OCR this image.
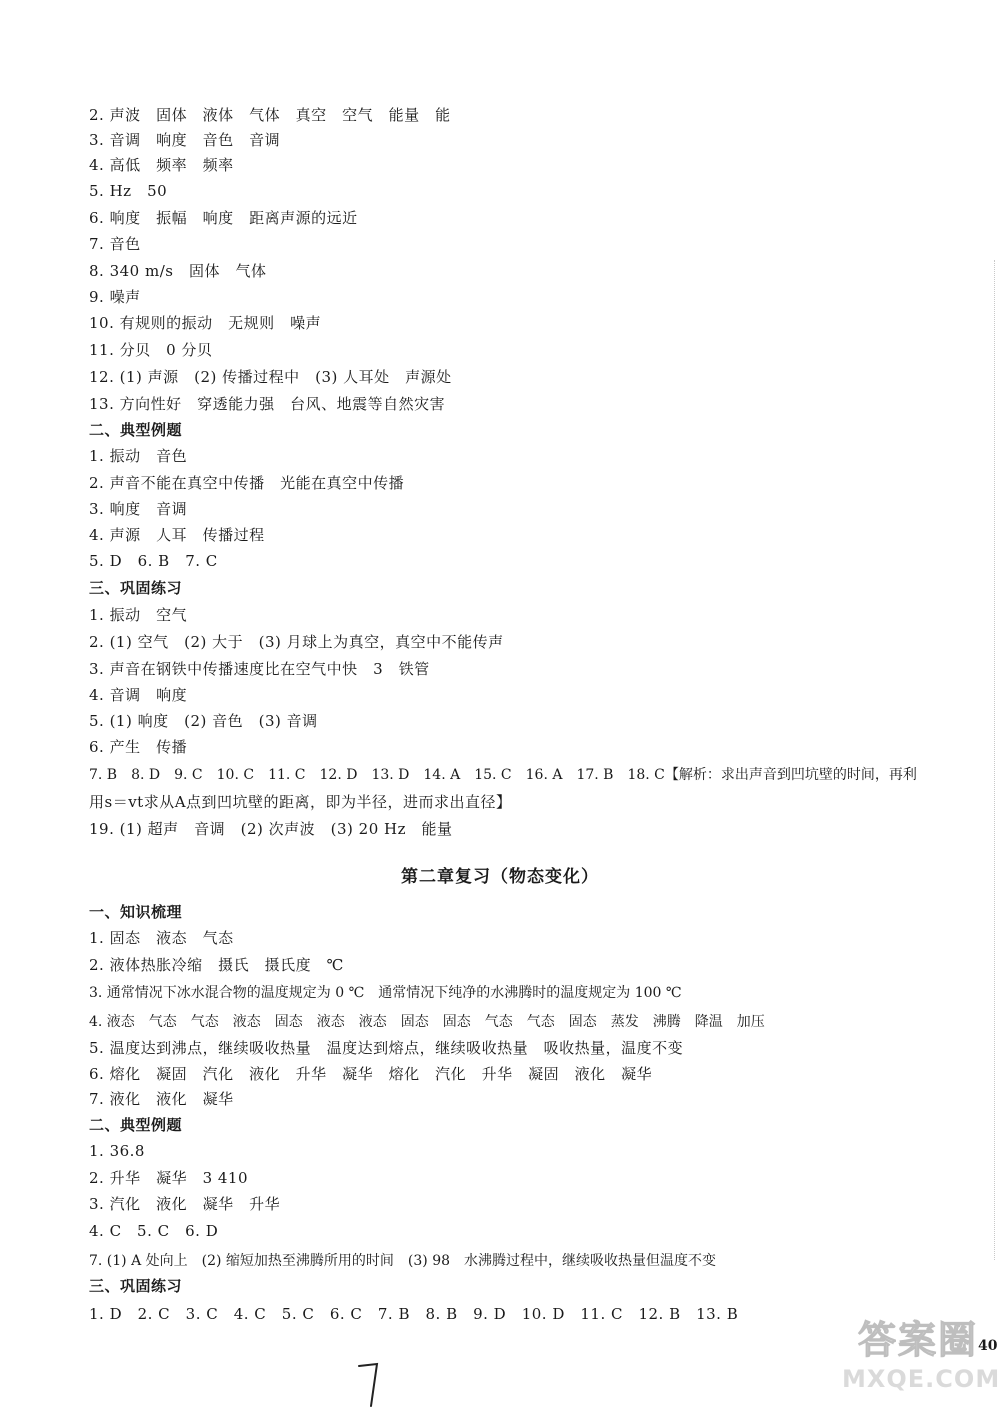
2. 声波　固体　液体　气体　真空　空气　能量　能
3. 音调　响度　音色　音调
4. 高低　频率　频率
5. Hz　50
6. 响度　振幅　响度　距离声源的远近
7. 音色
8. 340 m/s　固体　气体
9. 噪声
10. 有规则的振动　无规则　噪声
11. 分贝　0 分贝
12. (1) 声源　(2) 传播过程中　(3) 人耳处　声源处
13. 方向性好　穿透能力强　台风、地震等自然灾害
二、典型例题
1. 振动　音色
2. 声音不能在真空中传播　光能在真空中传播
3. 响度　音调
4. 声源　人耳　传播过程
5. D　6. B　7. C
三、巩固练习
1. 振动　空气
2. (1) 空气　(2) 大于　(3) 月球上为真空，真空中不能传声
3. 声音在钢铁中传播速度比在空气中快　3　铁管
4. 音调　响度
5. (1) 响度　(2) 音色　(3) 音调
6. 产生　传播
7. B　8. D　9. C　10. C　11. C　12. D　13. D　14. A　15. C　16. A　17. B　18. C【解析：求出声音到凹坑壁的时间，再利
用s＝vt求从A点到凹坑壁的距离，即为半径，进而求出直径】
19. (1) 超声　音调　(2) 次声波　(3) 20 Hz　能量
第二章复习（物态变化）
一、知识梳理
1. 固态　液态　气态
2. 液体热胀冷缩　摄氏　摄氏度　℃
3. 通常情况下冰水混合物的温度规定为 0 ℃　通常情况下纯净的水沸腾时的温度规定为 100 ℃
4. 液态　气态　气态　液态　固态　液态　液态　固态　固态　气态　气态　固态　蒸发　沸腾　降温　加压
5. 温度达到沸点，继续吸收热量　温度达到熔点，继续吸收热量　吸收热量，温度不变
6. 熔化　凝固　汽化　液化　升华　凝华　熔化　汽化　升华　凝固　液化　凝华
7. 液化　液化　凝华
二、典型例题
1. 36.8
2. 升华　凝华　3 410
3. 汽化　液化　凝华　升华
4. C　5. C　6. D
7. (1) A 处向上　(2) 缩短加热至沸腾所用的时间　(3) 98　水沸腾过程中，继续吸收热量但温度不变
三、巩固练习
1. D　2. C　3. C　4. C　5. C　6. C　7. B　8. B　9. D　10. D　11. C　12. B　13. B
40
答案圈
MXQE.COM
